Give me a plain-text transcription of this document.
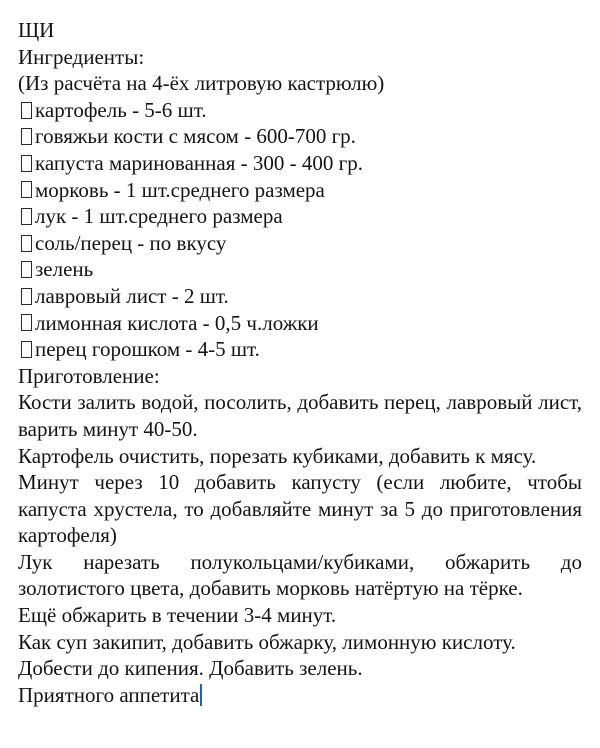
ЩИ
Ингредиенты:
(Из расчёта на 4-ёх литровую кастрюлю)
картофель - 5-6 шт.
говяжьи кости с мясом - 600-700 гр.
капуста маринованная - 300 - 400 гр.
морковь - 1 шт.среднего размера
лук - 1 шт.среднего размера
соль/перец - по вкусу
зелень
лавровый лист - 2 шт.
лимонная кислота - 0,5 ч.ложки
перец горошком - 4-5 шт.
Приготовление:
Кости залить водой, посолить, добавить перец, лавровый лист, варить минут 40-50.
Картофель очистить, порезать кубиками, добавить к мясу.
Минут через 10 добавить капусту (если любите, чтобы капуста хрустела, то добавляйте минут за 5 до приготовления картофеля)
Лук нарезать полукольцами/кубиками, обжарить до золотистого цвета, добавить морковь натёртую на тёрке.
Ещё обжарить в течении 3-4 минут.
Как суп закипит, добавить обжарку, лимонную кислоту.
Добести до кипения. Добавить зелень.
Приятного аппетита
